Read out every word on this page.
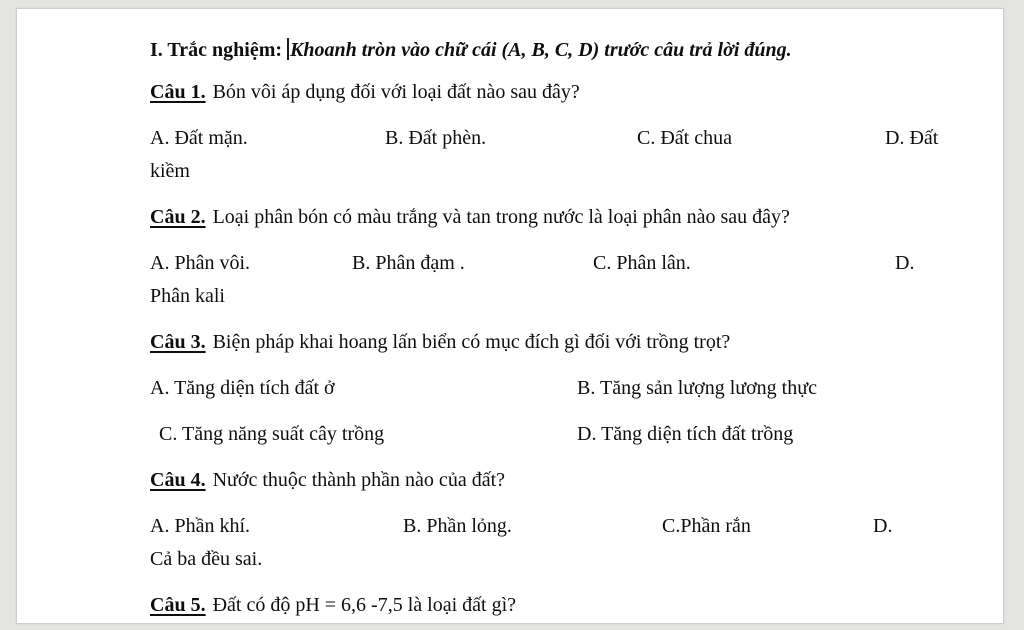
I. Trắc nghiệm: Khoanh tròn vào chữ cái (A, B, C, D) trước câu trả lời đúng.

Câu 1. Bón vôi áp dụng đối với loại đất nào sau đây?

A. Đất mặn.	B. Đất phèn.	C. Đất chua	D. Đất

kiềm

Câu 2. Loại phân bón có màu trắng và tan trong nước là loại phân nào sau đây?

A. Phân vôi.	B. Phân đạm .	C. Phân lân.	D.

Phân kali

Câu 3. Biện pháp khai hoang lấn biển có mục đích gì đối với trồng trọt?

A. Tăng diện tích đất ở	B. Tăng sản lượng lương thực
C. Tăng năng suất cây trồng	D. Tăng diện tích đất trồng

Câu 4. Nước thuộc thành phần nào của đất?

A. Phần khí.	B. Phần lỏng.	C.Phần rắn	D.

Cả ba đều sai.

Câu 5. Đất có độ pH = 6,6 -7,5 là loại đất gì?
